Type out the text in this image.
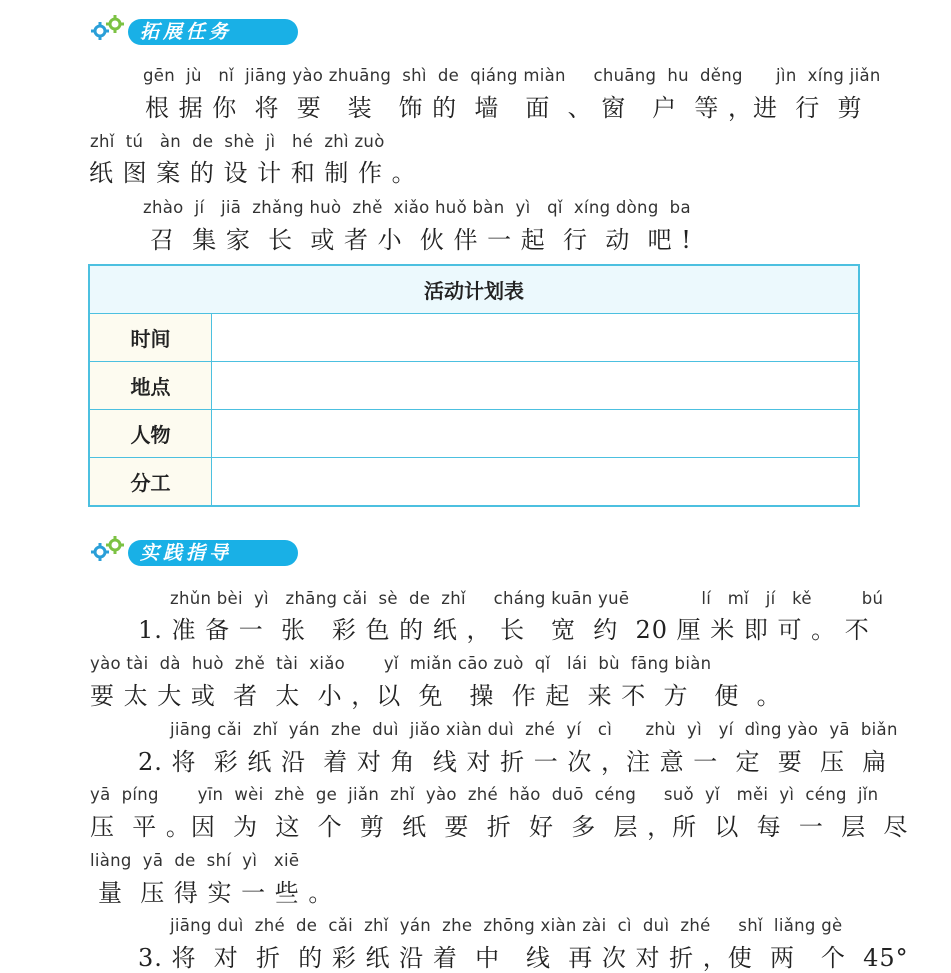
拓展任务
gēn  jù   nǐ  jiāng yào zhuāng  shì  de  qiáng miàn     chuāng  hu  děng      jìn  xíng jiǎn
根 据 你  将  要   装   饰 的  墙   面  、 窗   户  等 ，进  行  剪
zhǐ  tú   àn  de  shè  jì   hé  zhì zuò
纸 图 案 的 设 计 和 制 作 。
zhào  jí   jiā  zhǎng huò  zhě  xiǎo huǒ bàn  yì   qǐ  xíng dòng  ba
召  集 家  长  或 者 小  伙 伴 一 起  行  动  吧 !
活动计划表	
时间	
地点	
人物	
分工	
实践指导
zhǔn bèi  yì   zhāng cǎi  sè  de  zhǐ     cháng kuān yuē             lí   mǐ   jí   kě         bú
1. 准 备 一  张   彩 色 的 纸 ， 长   宽  约  20 厘 米 即 可 。 不
yào tài  dà  huò  zhě  tài  xiǎo       yǐ  miǎn cāo zuò  qǐ   lái  bù  fāng biàn
要 太 大 或  者  太  小 ，以  免   操  作 起  来 不  方   便  。
jiāng cǎi  zhǐ  yán  zhe  duì  jiǎo xiàn duì  zhé  yí   cì      zhù  yì   yí  dìng yào  yā  biǎn
2. 将  彩 纸 沿  着 对 角  线 对 折 一 次 ，注 意 一  定  要  压  扁
yā  píng       yīn  wèi  zhè  ge  jiǎn  zhǐ  yào  zhé  hǎo  duō  céng     suǒ  yǐ   měi  yì  céng  jǐn
压  平 。因  为  这  个  剪  纸  要  折  好  多  层 ，所  以  每  一  层  尽
liàng  yā  de  shí  yì   xiē
量  压 得 实 一 些 。
jiāng duì  zhé  de  cǎi  zhǐ  yán  zhe  zhōng xiàn zài  cì  duì  zhé     shǐ  liǎng gè
3. 将  对  折  的 彩 纸 沿 着  中   线  再 次 对 折 ，使  两   个  45°
